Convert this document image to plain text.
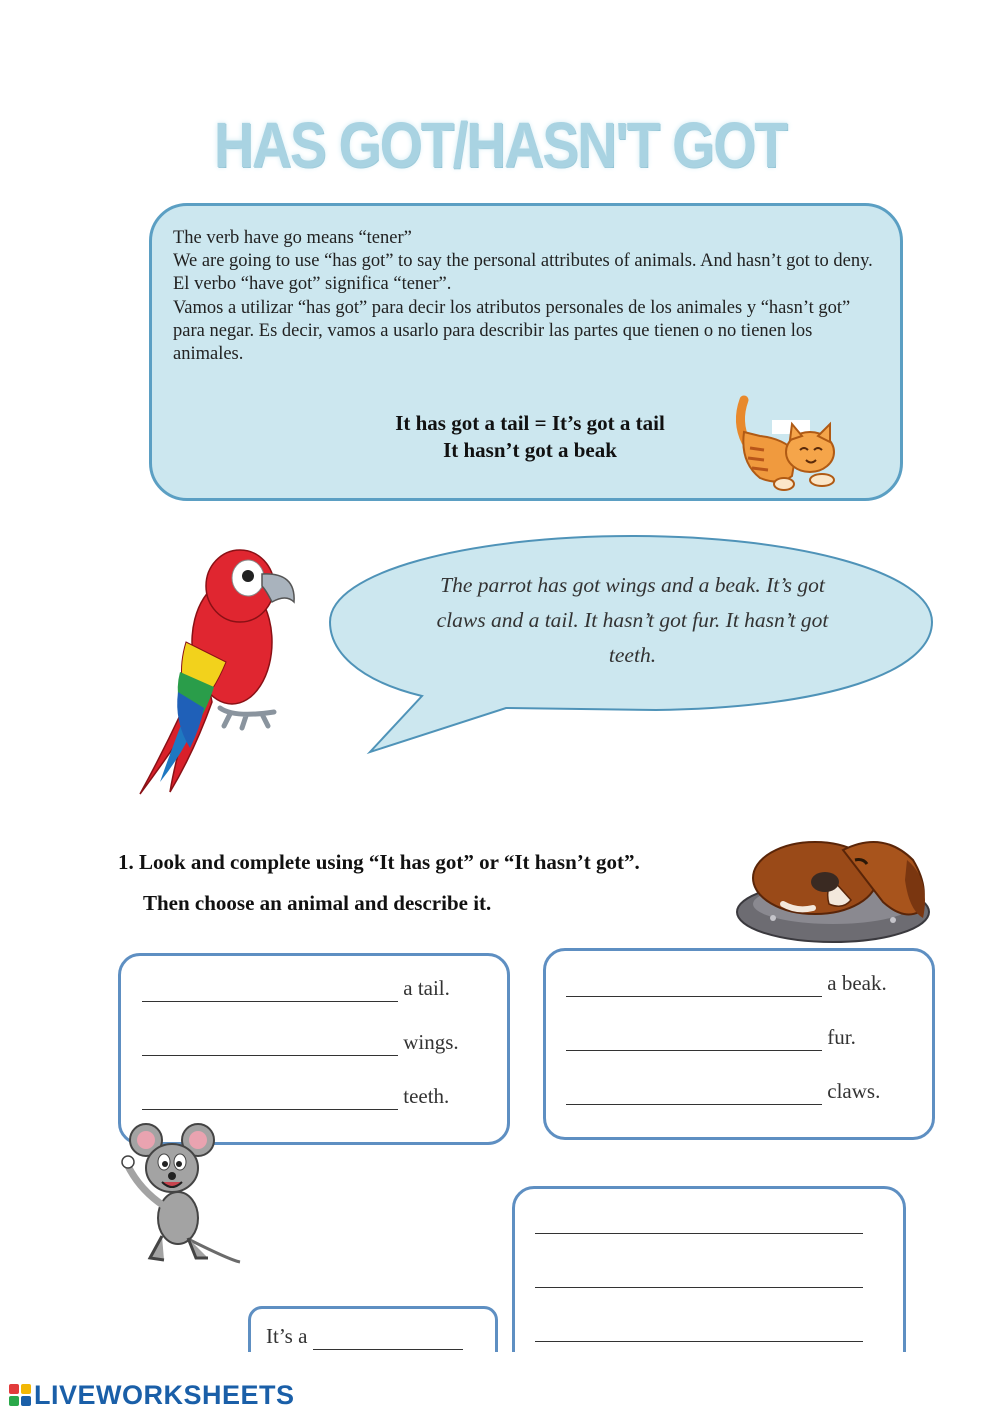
HAS GOT/HASN'T GOT

The verb have go means “tener”

We are going to use “has got” to say the personal attributes of animals. And hasn’t got to deny.

El verbo “have got” significa “tener”.

Vamos a utilizar “has got” para decir los atributos personales de los animales y “hasn’t got” para negar. Es decir, vamos a usarlo para describir las partes que tienen o no tienen los animales.

It has got a tail = It’s got a tail

It hasn’t got a beak

The parrot has got wings and a beak. It’s got claws and a tail. It hasn’t got fur. It hasn’t got teeth.
1. Look and complete using “It has got” or “It hasn’t got”.
Then choose an animal and describe it.
a tail.
wings.
teeth.
a beak.
fur.
claws.
It’s a
LIVEWORKSHEETS
